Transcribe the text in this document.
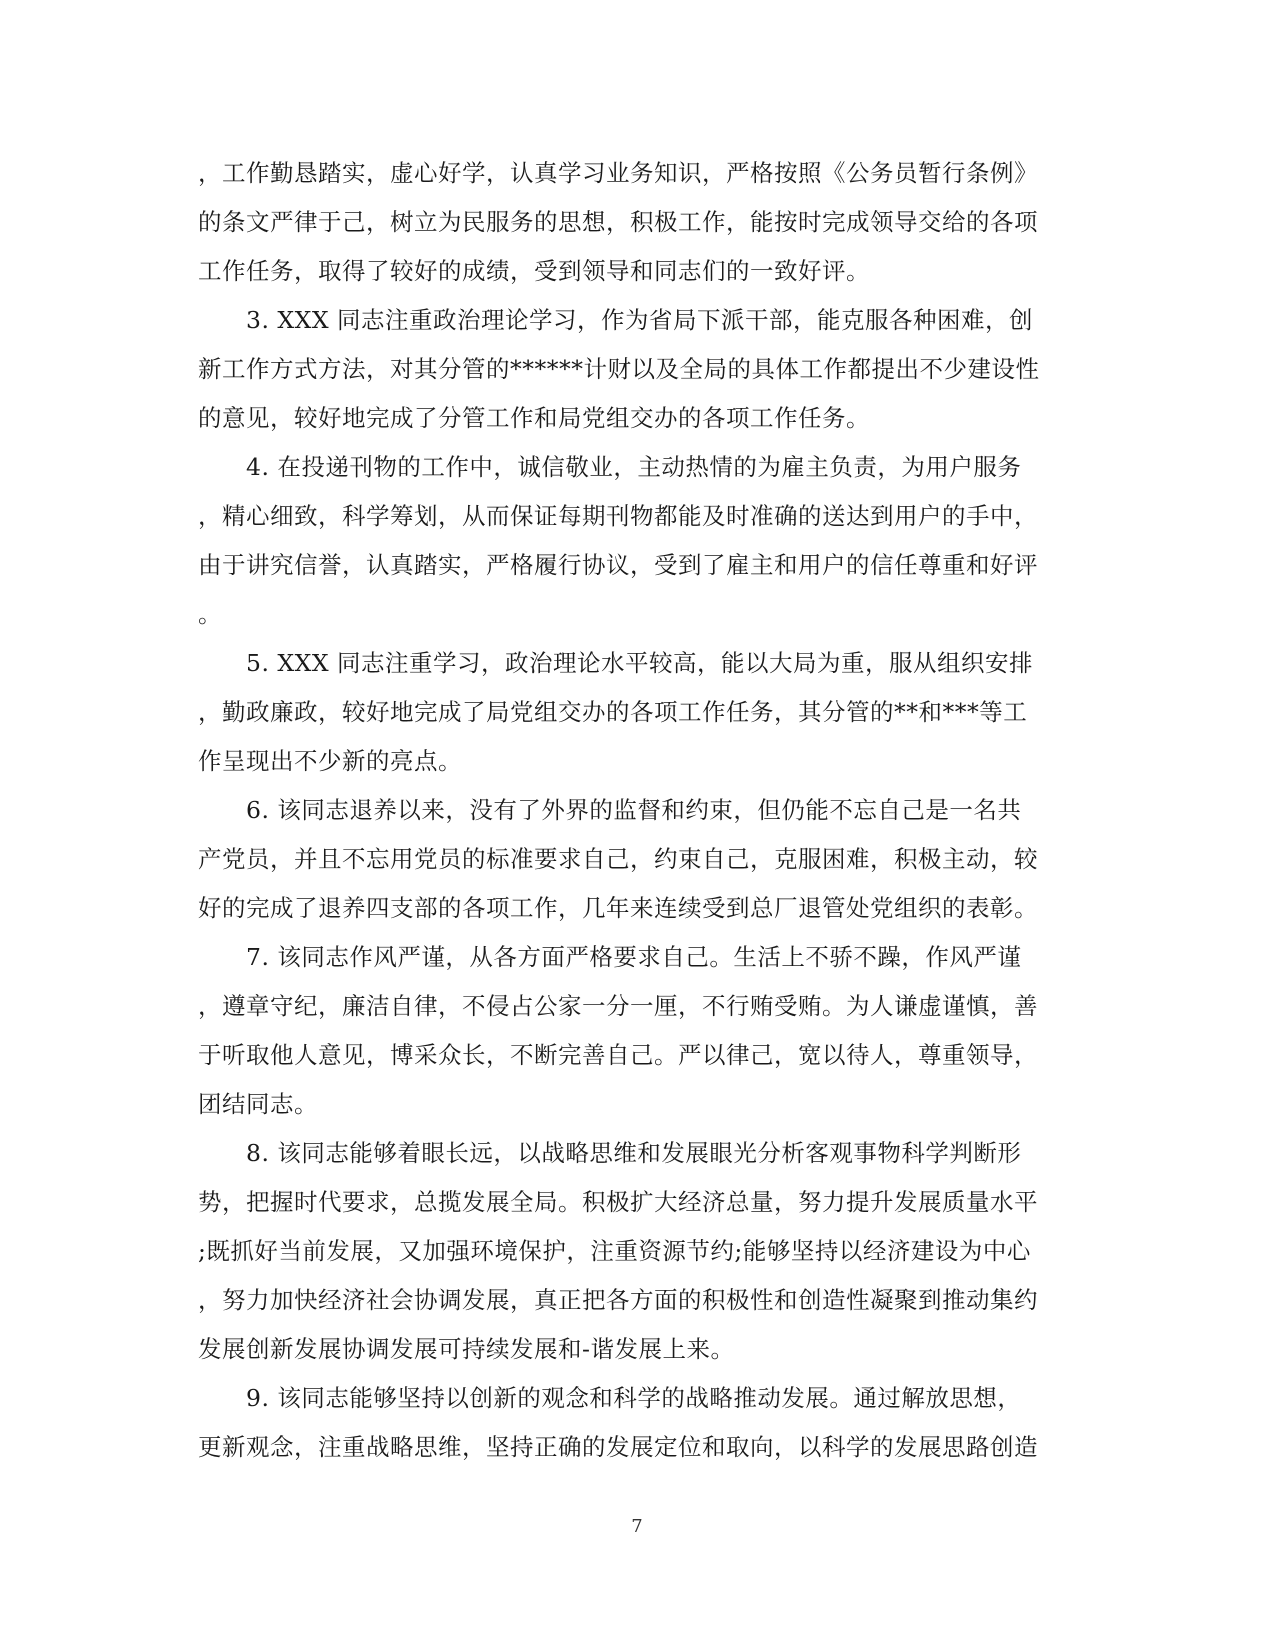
，工作勤恳踏实，虚心好学，认真学习业务知识，严格按照《公务员暂行条例》
的条文严律于己，树立为民服务的思想，积极工作，能按时完成领导交给的各项
工作任务，取得了较好的成绩，受到领导和同志们的一致好评。
　　3. XXX 同志注重政治理论学习，作为省局下派干部，能克服各种困难，创
新工作方式方法，对其分管的******计财以及全局的具体工作都提出不少建设性
的意见，较好地完成了分管工作和局党组交办的各项工作任务。
　　4. 在投递刊物的工作中，诚信敬业，主动热情的为雇主负责，为用户服务
，精心细致，科学筹划，从而保证每期刊物都能及时准确的送达到用户的手中，
由于讲究信誉，认真踏实，严格履行协议，受到了雇主和用户的信任尊重和好评
。
　　5. XXX 同志注重学习，政治理论水平较高，能以大局为重，服从组织安排
，勤政廉政，较好地完成了局党组交办的各项工作任务，其分管的**和***等工
作呈现出不少新的亮点。
　　6. 该同志退养以来，没有了外界的监督和约束，但仍能不忘自己是一名共
产党员，并且不忘用党员的标准要求自己，约束自己，克服困难，积极主动，较
好的完成了退养四支部的各项工作，几年来连续受到总厂退管处党组织的表彰。
　　7. 该同志作风严谨，从各方面严格要求自己。生活上不骄不躁，作风严谨
，遵章守纪，廉洁自律，不侵占公家一分一厘，不行贿受贿。为人谦虚谨慎，善
于听取他人意见，博采众长，不断完善自己。严以律己，宽以待人，尊重领导，
团结同志。
　　8. 该同志能够着眼长远，以战略思维和发展眼光分析客观事物科学判断形
势，把握时代要求，总揽发展全局。积极扩大经济总量，努力提升发展质量水平
;既抓好当前发展，又加强环境保护，注重资源节约;能够坚持以经济建设为中心
，努力加快经济社会协调发展，真正把各方面的积极性和创造性凝聚到推动集约
发展创新发展协调发展可持续发展和-谐发展上来。
　　9. 该同志能够坚持以创新的观念和科学的战略推动发展。通过解放思想，
更新观念，注重战略思维，坚持正确的发展定位和取向，以科学的发展思路创造
7
